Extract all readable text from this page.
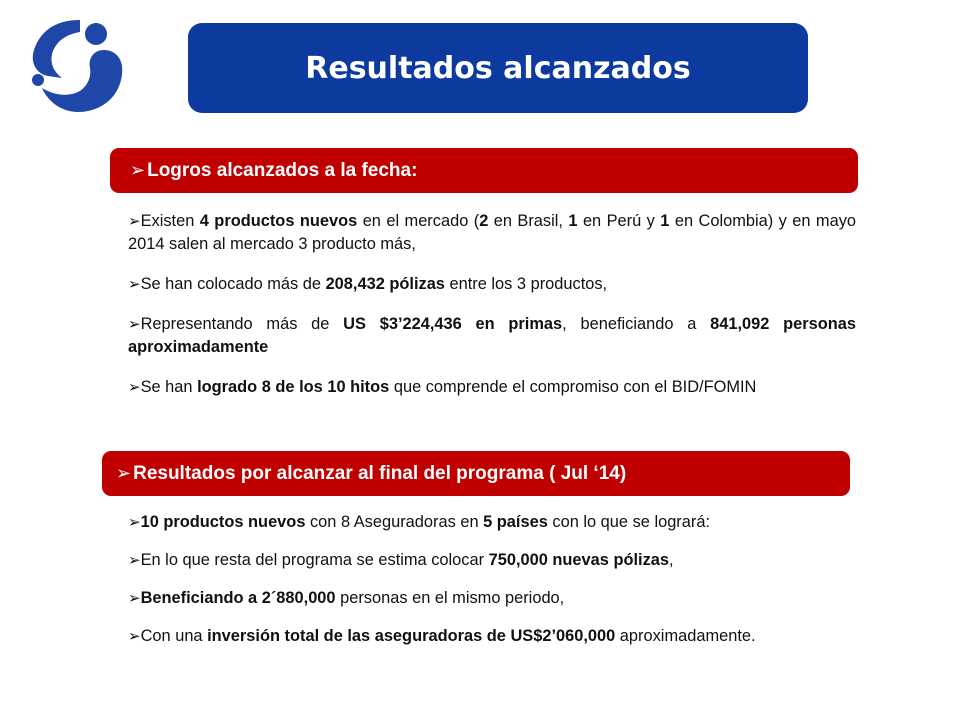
Resultados alcanzados
➢ Logros alcanzados a la fecha:
➢Existen 4 productos nuevos en el mercado (2 en Brasil, 1 en Perú y 1 en Colombia) y en mayo 2014 salen al mercado 3 producto más,
➢Se han colocado más de 208,432 pólizas entre los 3 productos,
➢Representando más de US $3’224,436 en primas, beneficiando a 841,092 personas aproximadamente
➢Se han logrado 8 de los 10 hitos que comprende el compromiso con el BID/FOMIN
➢ Resultados por alcanzar al final del programa ( Jul ‘14)
➢10 productos nuevos con 8 Aseguradoras en 5 países con lo que se logrará:
➢En lo que resta del programa se estima colocar 750,000 nuevas pólizas,
➢Beneficiando a 2´880,000 personas en el mismo periodo,
➢Con una inversión total de las aseguradoras de US$2’060,000 aproximadamente.
